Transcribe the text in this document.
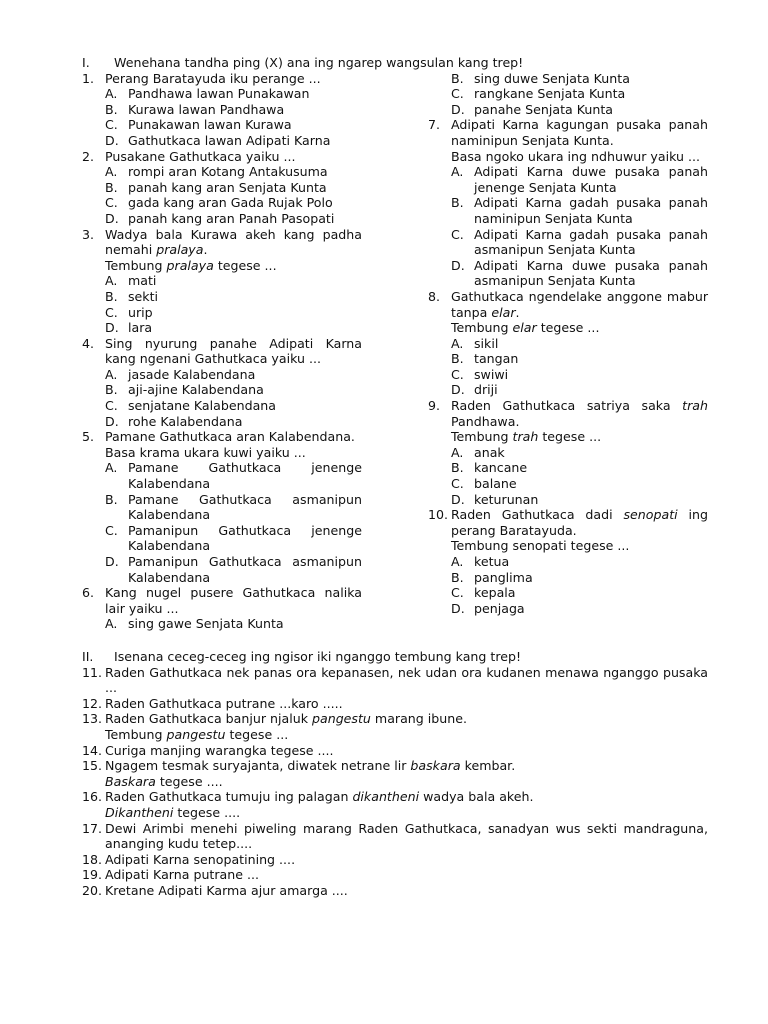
I. Wenehana tandha ping (X) ana ing ngarep wangsulan kang trep!
1. Perang Baratayuda iku perange ...
A. Pandhawa lawan Punakawan
B. Kurawa lawan Pandhawa
C. Punakawan lawan Kurawa
D. Gathutkaca lawan Adipati Karna
2. Pusakane Gathutkaca yaiku ...
A. rompi aran Kotang Antakusuma
B. panah kang aran Senjata Kunta
C. gada kang aran Gada Rujak Polo
D. panah kang aran Panah Pasopati
3. Wadya bala Kurawa akeh kang padha nemahi pralaya.
Tembung pralaya tegese ...
A. mati
B. sekti
C. urip
D. lara
4. Sing nyurung panahe Adipati Karna kang ngenani Gathutkaca yaiku ...
A. jasade Kalabendana
B. aji-ajine Kalabendana
C. senjatane Kalabendana
D. rohe Kalabendana
5. Pamane Gathutkaca aran Kalabendana.
Basa krama ukara kuwi yaiku ...
A. Pamane Gathutkaca jenenge Kalabendana
B. Pamane Gathutkaca asmanipun Kalabendana
C. Pamanipun Gathutkaca jenenge Kalabendana
D. Pamanipun Gathutkaca asmanipun Kalabendana
6. Kang nugel pusere Gathutkaca nalika lair yaiku ...
A. sing gawe Senjata Kunta
B. sing duwe Senjata Kunta
C. rangkane Senjata Kunta
D. panahe Senjata Kunta
7. Adipati Karna kagungan pusaka panah naminipun Senjata Kunta.
Basa ngoko ukara ing ndhuwur yaiku ...
A. Adipati Karna duwe pusaka panah jenenge Senjata Kunta
B. Adipati Karna gadah pusaka panah naminipun Senjata Kunta
C. Adipati Karna gadah pusaka panah asmanipun Senjata Kunta
D. Adipati Karna duwe pusaka panah asmanipun Senjata Kunta
8. Gathutkaca ngendelake anggone mabur tanpa elar.
Tembung elar tegese ...
A. sikil
B. tangan
C. swiwi
D. driji
9. Raden Gathutkaca satriya saka trah Pandhawa.
Tembung trah tegese ...
A. anak
B. kancane
C. balane
D. keturunan
10. Raden Gathutkaca dadi senopati ing perang Baratayuda.
Tembung senopati tegese ...
A. ketua
B. panglima
C. kepala
D. penjaga
II. Isenana ceceg-ceceg ing ngisor iki nganggo tembung kang trep!
11. Raden Gathutkaca nek panas ora kepanasen, nek udan ora kudanen menawa nganggo pusaka ...
12. Raden Gathutkaca putrane ...karo .....
13. Raden Gathutkaca banjur njaluk pangestu marang ibune.
Tembung pangestu tegese ...
14. Curiga manjing warangka tegese ....
15. Ngagem tesmak suryajanta, diwatek netrane lir baskara kembar.
Baskara tegese ....
16. Raden Gathutkaca tumuju ing palagan dikantheni wadya bala akeh.
Dikantheni tegese ....
17. Dewi Arimbi menehi piweling marang Raden Gathutkaca, sanadyan wus sekti mandraguna, ananging kudu tetep....
18. Adipati Karna senopatining ....
19. Adipati Karna putrane ...
20. Kretane Adipati Karma ajur amarga ....
